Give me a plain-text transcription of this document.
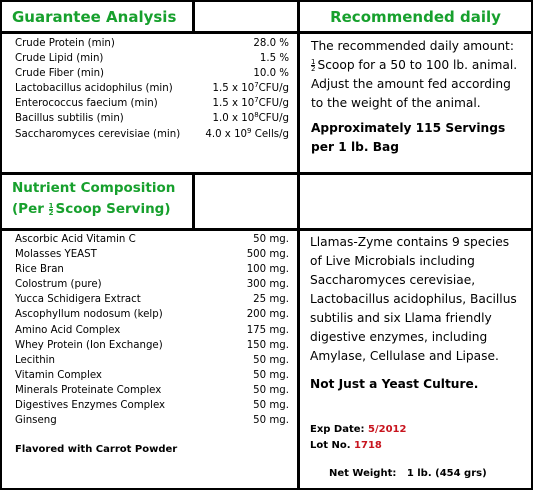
Guarantee Analysis	Recommended daily
Crude Protein (min)	28.0 %
Crude Lipid (min)	1.5 %
Crude Fiber (min)	10.0 %
Lactobacillus acidophilus (min)	1.5 x $10^7CFU/g$
Enterococcus faecium (min)	1.5 x $10^7CFU/g$
Bacillus subtilis (min)	1.0 x $10^8CFU/g$
Saccharomyces cerevisiae (min) 4.0 x $10^9$ Cells/g
The recommended daily amount:
$\frac{1}{2}$ Scoop for a 50 to 100 lb. animal.
Adjust the amount fed according
to the weight of the animal.
Approximately 115 Servings
per 1 lb. Bag
Nutrient Composition
($Per \frac{1}{2}$ Scoop Serving)
Ascorbic Acid Vitamin C	50 mg.
Molasses YEAST	500 mg.
Rice Bran	100 mg.
Colostrum (pure)	300 mg.
Yucca Schidigera Extract	25 mg.
Ascophyllum nodosum (kelp)	200 mg.
Amino Acid Complex	175 mg.
Whey Protein (Ion Exchange)	150 mg.
Lecithin	50 mg.
Vitamin Complex	50 mg.
Minerals Proteinate Complex	50 mg.
Digestives Enzymes Complex	50 mg.
Ginseng	50 mg.
Flavored with Carrot Powder
Llamas-Zyme contains 9 species
of Live Microbials including
Saccharomyces cerevisiae,
Lactobacillus acidophilus, Bacillus
subtilis and six Llama friendly
digestive enzymes, including
Amylase, Cellulase and Lipase.
Not Just a Yeast Culture.
Exp Date: 5/2012
Lot No. 1718
Net Weight: 1 lb. (454 grs)
